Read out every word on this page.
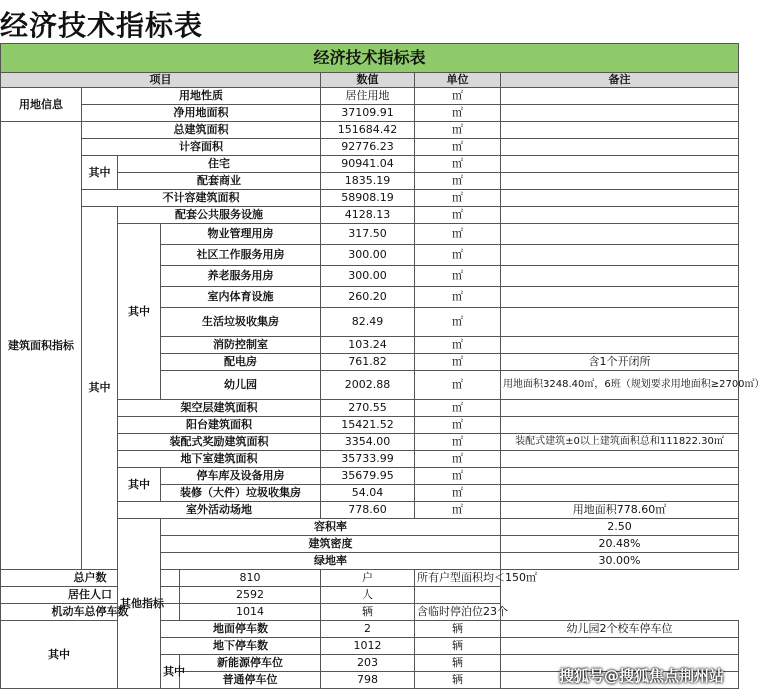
经济技术指标表
经济技术指标表								
项目					数值	单位	备注	
用地信息	用地性质				居住用地	㎡		
	净用地面积				37109.91	㎡		
建筑面积指标	总建筑面积				151684.42	㎡		
	计容面积				92776.23	㎡		
	其中	住宅			90941.04	㎡		
		配套商业			1835.19	㎡		
	不计容建筑面积				58908.19	㎡		
	其中	配套公共服务设施			4128.13	㎡		
		其中	物业管理用房		317.50	㎡		
			社区工作服务用房		300.00	㎡		
			养老服务用房		300.00	㎡		
			室内体育设施		260.20	㎡		
			生活垃圾收集房		82.49	㎡		
			消防控制室		103.24	㎡		
			配电房		761.82	㎡	含1个开闭所	
			幼儿园		2002.88	㎡	用地面积3248.40㎡，6班（规划要求用地面积≥2700㎡）	
		架空层建筑面积			270.55	㎡		
		阳台建筑面积			15421.52	㎡		
		装配式奖励建筑面积			3354.00	㎡	装配式建筑±0以上建筑面积总和111822.30㎡	
		地下室建筑面积			35733.99	㎡		
		其中	停车库及设备用房		35679.95	㎡		
			装修（大件）垃圾收集房		54.04	㎡		
		室外活动场地			778.60	㎡	用地面积778.60㎡	
		其他指标	容积率				2.50		
			建筑密度				20.48%		
			绿地率				30.00%		
总户数				810	户	所有户型面积均＜150㎡		
居住人口				2592	人			
机动车总停车数				1014	辆	含临时停泊位23个		
其中			地面停车数		2	辆	幼儿园2个校车停车位	
			地下停车数		1012	辆		
			其中	新能源停车位	203	辆		
				普通停车位	798	辆			搜狐号@搜狐焦点荆州站
